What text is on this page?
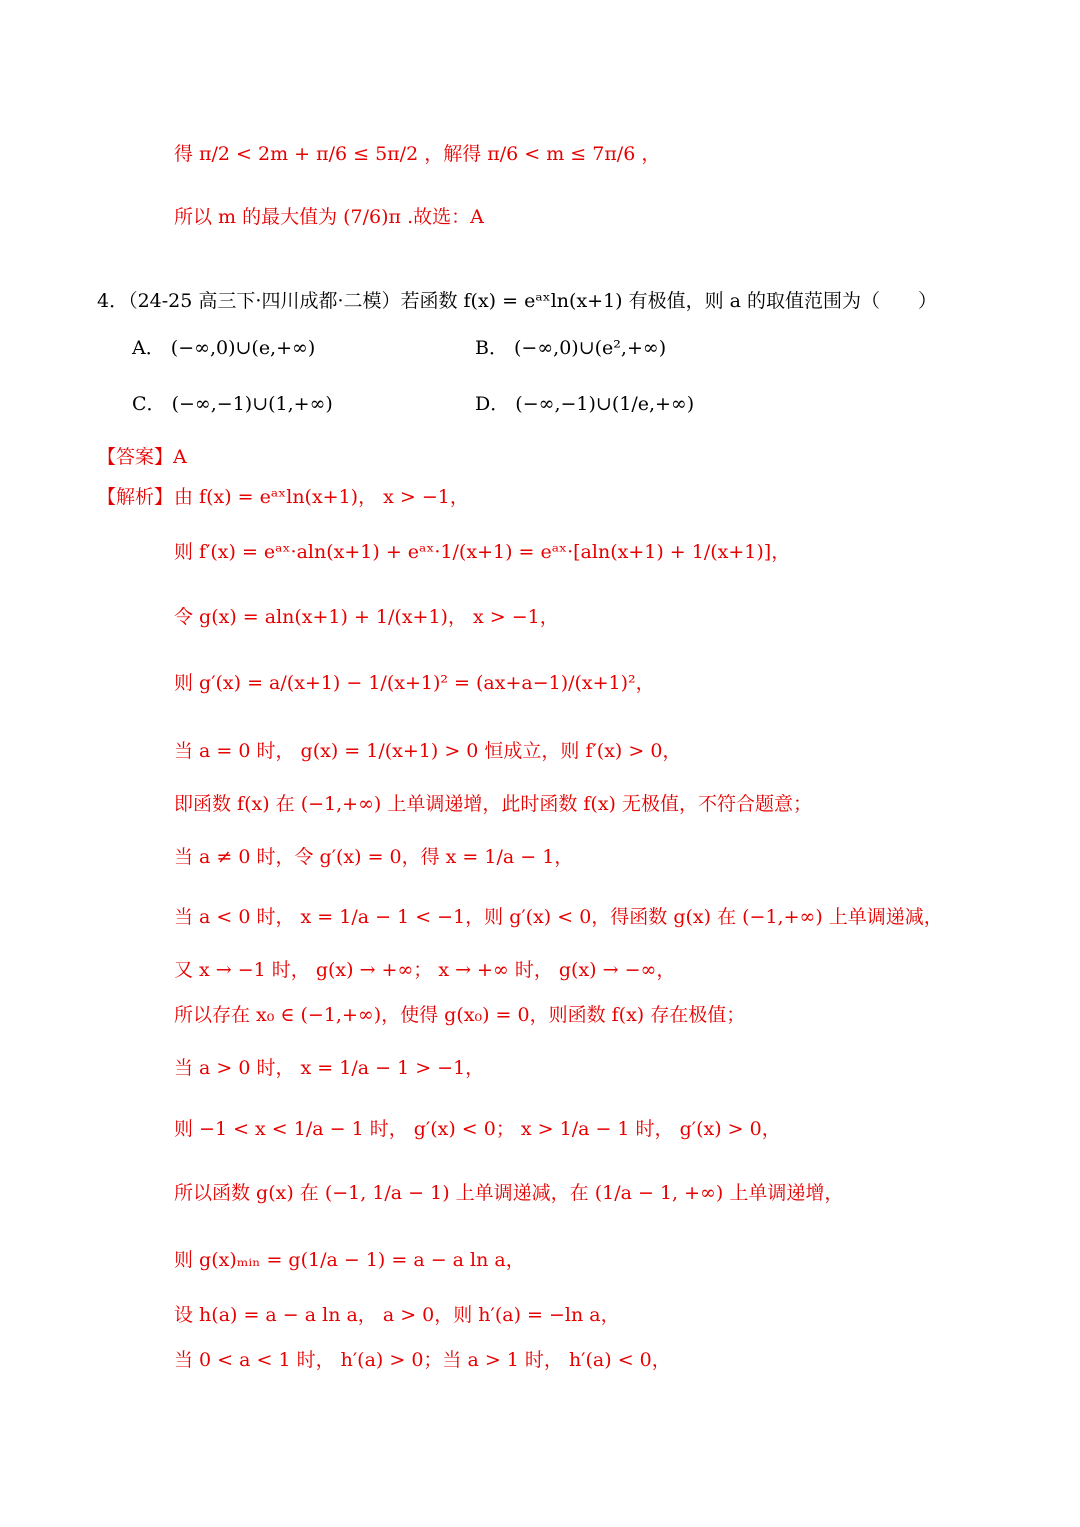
得 π/2 < 2m + π/6 ≤ 5π/2 ，解得 π/6 < m ≤ 7π/6 ，
所以 m 的最大值为 (7/6)π .故选：A
4．（24-25 高三下·四川成都·二模）若函数 f(x) = eᵃˣln(x+1) 有极值，则 a 的取值范围为（　　）
A． (−∞,0)∪(e,+∞)	B． (−∞,0)∪(e²,+∞)
C． (−∞,−1)∪(1,+∞)	D． (−∞,−1)∪(1/e,+∞)
【答案】A
【解析】 由 f(x) = eᵃˣln(x+1)， x > −1，
则 f′(x) = eᵃˣ·aln(x+1) + eᵃˣ·1/(x+1) = eᵃˣ·[aln(x+1) + 1/(x+1)]，
令 g(x) = aln(x+1) + 1/(x+1)， x > −1，
则 g′(x) = a/(x+1) − 1/(x+1)² = (ax+a−1)/(x+1)²，
当 a = 0 时， g(x) = 1/(x+1) > 0 恒成立，则 f′(x) > 0，
即函数 f(x) 在 (−1,+∞) 上单调递增，此时函数 f(x) 无极值，不符合题意；
当 a ≠ 0 时，令 g′(x) = 0，得 x = 1/a − 1，
当 a < 0 时， x = 1/a − 1 < −1，则 g′(x) < 0，得函数 g(x) 在 (−1,+∞) 上单调递减，
又 x → −1 时， g(x) → +∞； x → +∞ 时， g(x) → −∞，
所以存在 x₀ ∈ (−1,+∞)，使得 g(x₀) = 0，则函数 f(x) 存在极值；
当 a > 0 时， x = 1/a − 1 > −1，
则 −1 < x < 1/a − 1 时， g′(x) < 0； x > 1/a − 1 时， g′(x) > 0，
所以函数 g(x) 在 (−1, 1/a − 1) 上单调递减，在 (1/a − 1, +∞) 上单调递增，
则 g(x)ₘᵢₙ = g(1/a − 1) = a − a ln a，
设 h(a) = a − a ln a， a > 0，则 h′(a) = −ln a，
当 0 < a < 1 时， h′(a) > 0；当 a > 1 时， h′(a) < 0，
